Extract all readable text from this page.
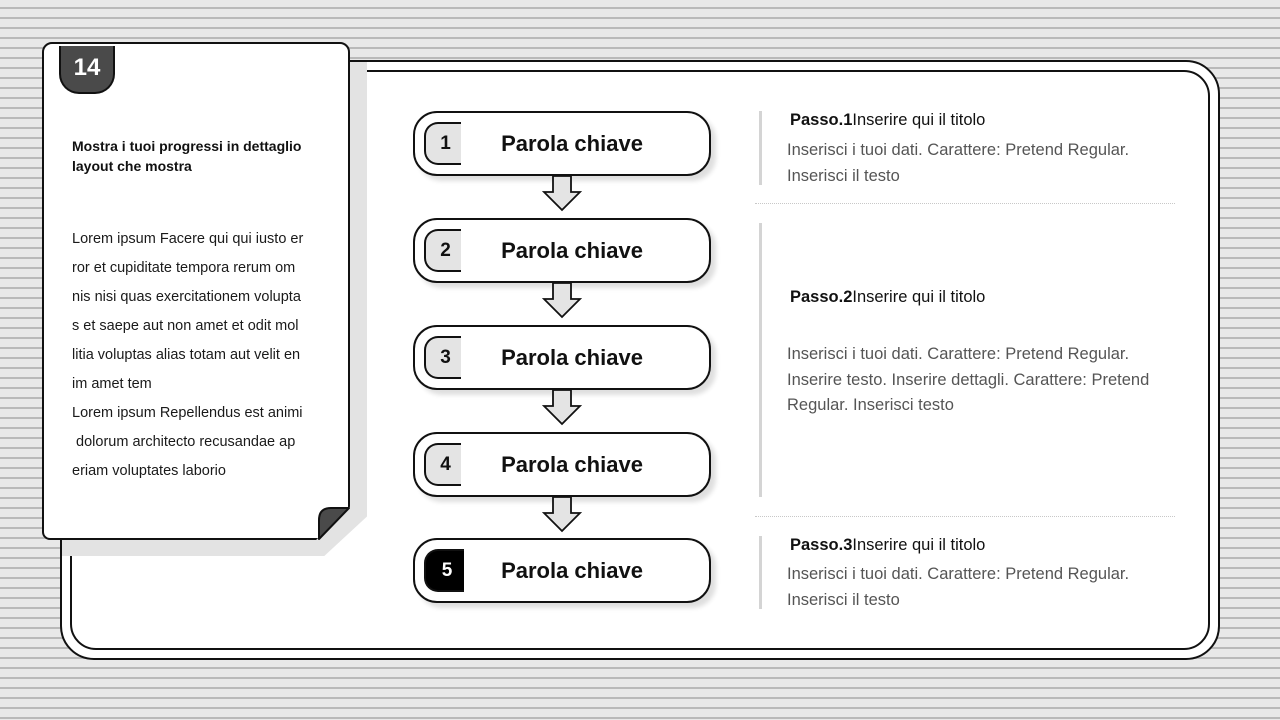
14
Mostra i tuoi progressi in dettaglio layout che mostra
Lorem ipsum Facere qui qui iusto er
ror et cupiditate tempora rerum om
nis nisi quas exercitationem volupta
s et saepe aut non amet et odit mol
litia voluptas alias totam aut velit en
im amet tem
Lorem ipsum Repellendus est animi
dolorum architecto recusandae ap
eriam voluptates laborio
1	Parola chiave
2	Parola chiave
3	Parola chiave
4	Parola chiave
5	Parola chiave
Passo.1Inserire qui il titolo
Inserisci i tuoi dati. Carattere: Pretend Regular.
Inserisci il testo
Passo.2Inserire qui il titolo
Inserisci i tuoi dati. Carattere: Pretend Regular.
Inserire testo. Inserire dettagli. Carattere: Pretend
Regular. Inserisci testo
Passo.3Inserire qui il titolo
Inserisci i tuoi dati. Carattere: Pretend Regular.
Inserisci il testo
